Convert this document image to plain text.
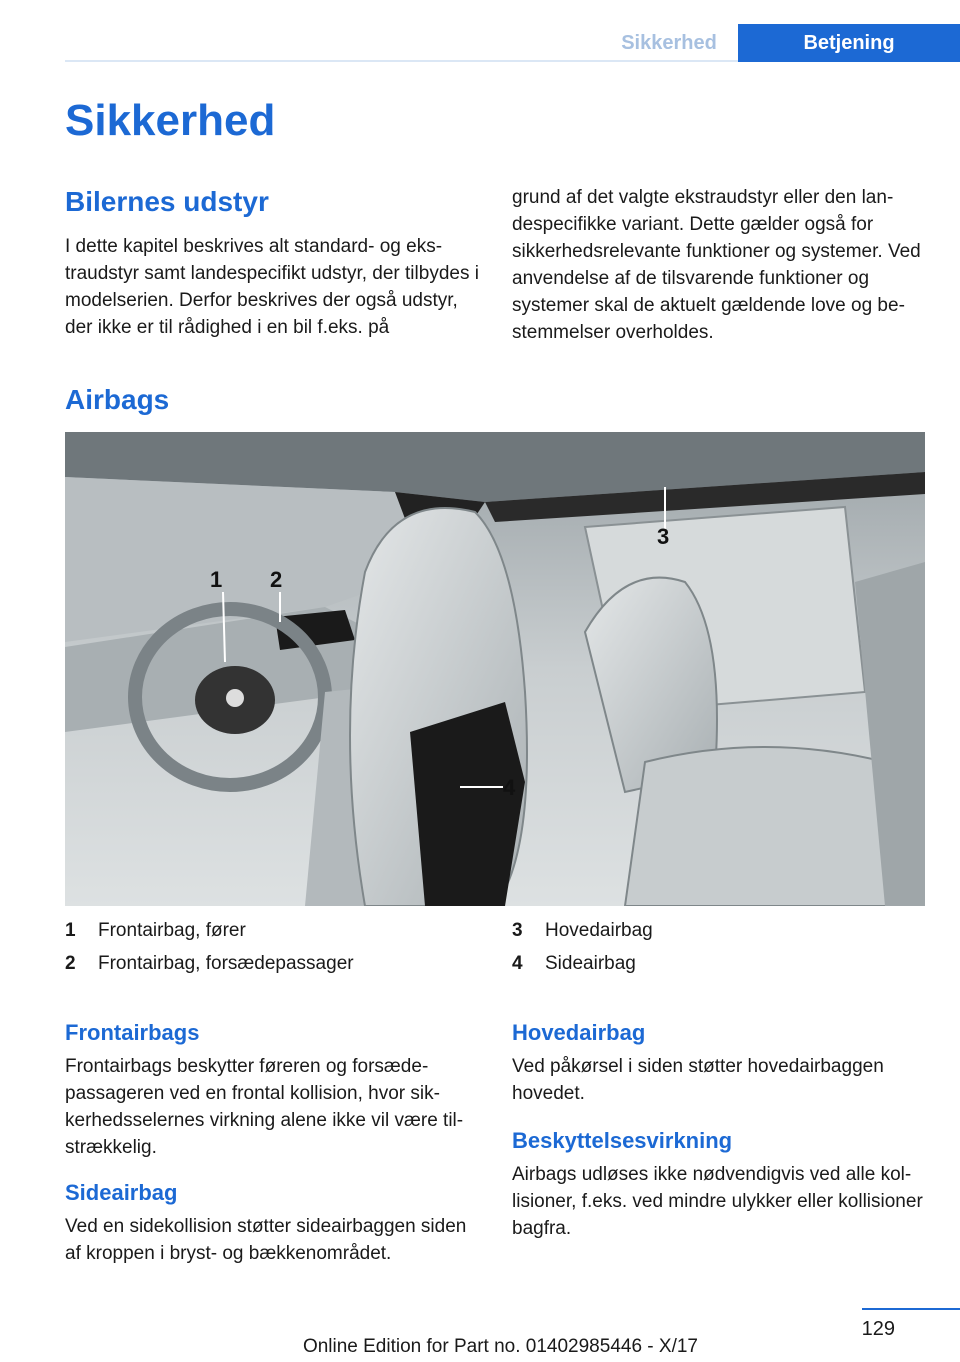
Sikkerhed	Betjening
Sikkerhed
Bilernes udstyr

I dette kapitel beskrives alt standard- og ekstraudstyr samt landespecifikt udstyr, der tilbydes i modelserien. Derfor beskrives der også udstyr, der ikke er til rådighed i en bil f.eks. på

grund af det valgte ekstraudstyr eller den landespecifikke variant. Dette gælder også for sikkerhedsrelevante funktioner og systemer. Ved anvendelse af de tilsvarende funktioner og systemer skal de aktuelt gældende love og bestemmelser overholdes.

Airbags
1 2
3
4
1 Frontairbag, fører
2 Frontairbag, forsædepassager
3 Hovedairbag
4 Sideairbag
Frontairbags

Frontairbags beskytter føreren og forsædepassageren ved en frontal kollision, hvor sikkerhedsselernes virkning alene ikke vil være tilstrækkelig.

Sideairbag

Ved en sidekollision støtter sideairbaggen siden af kroppen i bryst- og bækkenområdet.

Hovedairbag

Ved påkørsel i siden støtter hovedairbaggen hovedet.

Beskyttelsesvirkning

Airbags udløses ikke nødvendigvis ved alle kollisioner, f.eks. ved mindre ulykker eller kollisioner bagfra.

129
Online Edition for Part no. 01402985446 - X/17
